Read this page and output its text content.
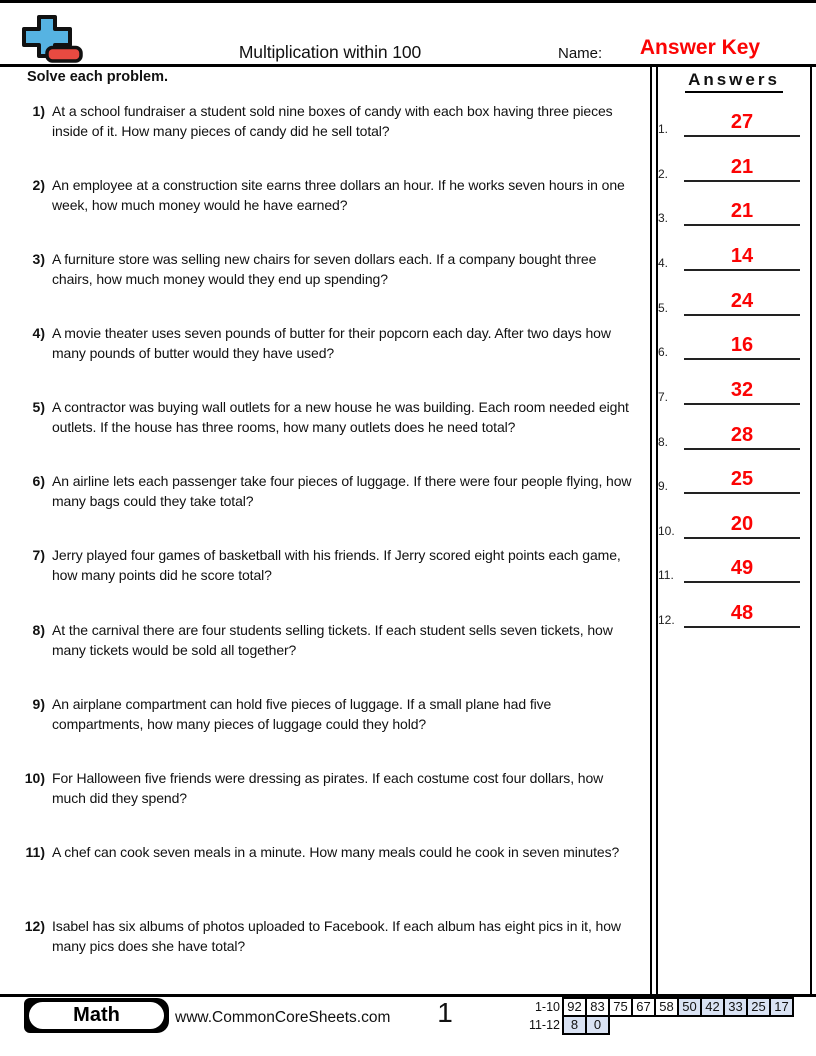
Multiplication within 100	Name:	Answer Key
Solve each problem.	Answers
1) At a school fundraiser a student sold nine boxes of candy with each box having three pieces inside of it. How many pieces of candy did he sell total?
2) An employee at a construction site earns three dollars an hour. If he works seven hours in one week, how much money would he have earned?
3) A furniture store was selling new chairs for seven dollars each. If a company bought three chairs, how much money would they end up spending?
4) A movie theater uses seven pounds of butter for their popcorn each day. After two days how many pounds of butter would they have used?
5) A contractor was buying wall outlets for a new house he was building. Each room needed eight outlets. If the house has three rooms, how many outlets does he need total?
6) An airline lets each passenger take four pieces of luggage. If there were four people flying, how many bags could they take total?
7) Jerry played four games of basketball with his friends. If Jerry scored eight points each game, how many points did he score total?
8) At the carnival there are four students selling tickets. If each student sells seven tickets, how many tickets would be sold all together?
9) An airplane compartment can hold five pieces of luggage. If a small plane had five compartments, how many pieces of luggage could they hold?
10) For Halloween five friends were dressing as pirates. If each costume cost four dollars, how much did they spend?
11) A chef can cook seven meals in a minute. How many meals could he cook in seven minutes?
12) Isabel has six albums of photos uploaded to Facebook. If each album has eight pics in it, how many pics does she have total?
1.	27
2.	21
3.	21
4.	14
5.	24
6.	16
7.	32
8.	28
9.	25
10.	20
11.	49
12.	48
Math	www.CommonCoreSheets.com	1	1-10 92 83 75 67 58 50 42 33 25 17
11-12 8	0
